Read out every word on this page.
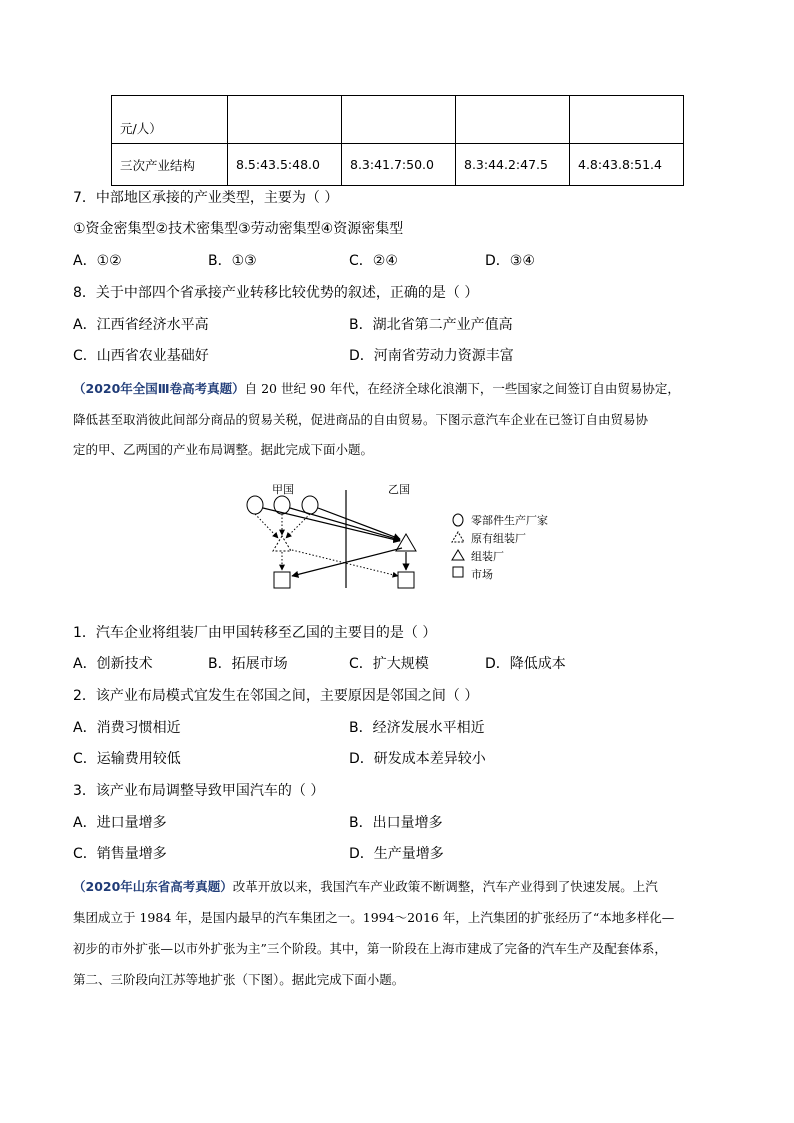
元/人）				
三次产业结构	8.5:43.5:48.0	8.3:41.7:50.0	8.3:44.2:47.5	4.8:43.8:51.4
7．中部地区承接的产业类型，主要为（ ）
①资金密集型②技术密集型③劳动密集型④资源密集型
A．①②	B．①③	C．②④	D．③④
8．关于中部四个省承接产业转移比较优势的叙述，正确的是（ ）
A．江西省经济水平高	B．湖北省第二产业产值高
C．山西省农业基础好	D．河南省劳动力资源丰富
（2020年全国Ⅲ卷高考真题）自 20 世纪 90 年代，在经济全球化浪潮下，一些国家之间签订自由贸易协定，
降低甚至取消彼此间部分商品的贸易关税，促进商品的自由贸易。下图示意汽车企业在已签订自由贸易协
定的甲、乙两国的产业布局调整。据此完成下面小题。
甲国	乙国
零部件生产厂家
原有组装厂
组装厂
市场
1．汽车企业将组装厂由甲国转移至乙国的主要目的是（ ）
A．创新技术	B．拓展市场	C．扩大规模	D．降低成本
2．该产业布局模式宜发生在邻国之间，主要原因是邻国之间（ ）
A．消费习惯相近	B．经济发展水平相近
C．运输费用较低	D．研发成本差异较小
3．该产业布局调整导致甲国汽车的（ ）
A．进口量增多	B．出口量增多
C．销售量增多	D．生产量增多
（2020年山东省高考真题）改革开放以来，我国汽车产业政策不断调整，汽车产业得到了快速发展。上汽
集团成立于 1984 年，是国内最早的汽车集团之一。1994～2016 年，上汽集团的扩张经历了“本地多样化—
初步的市外扩张—以市外扩张为主”三个阶段。其中，第一阶段在上海市建成了完备的汽车生产及配套体系，
第二、三阶段向江苏等地扩张（下图）。据此完成下面小题。
